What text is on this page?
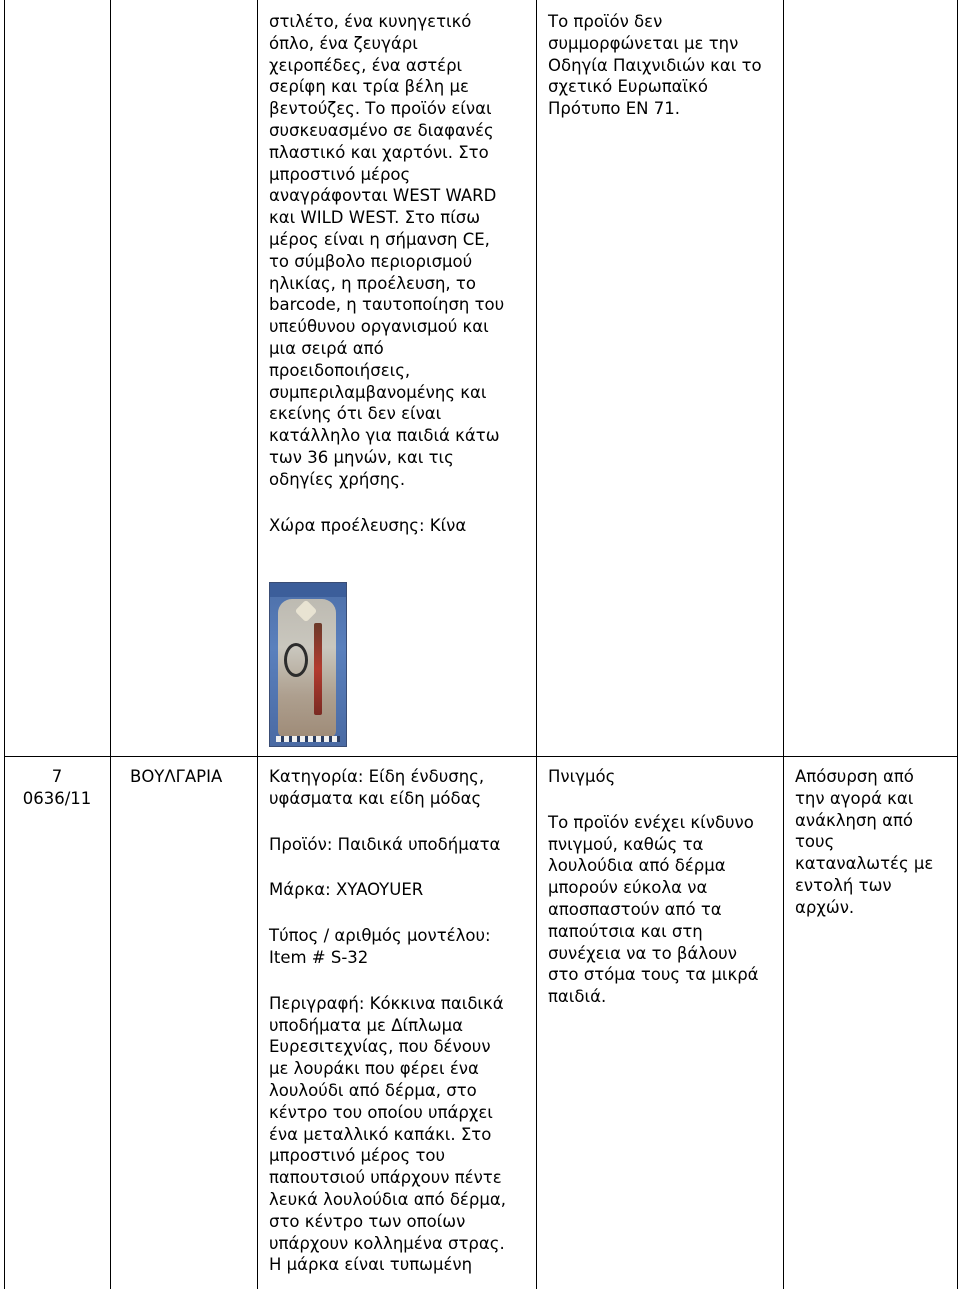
στιλέτο, ένα κυνηγετικό
όπλο, ένα ζευγάρι
χειροπέδες, ένα αστέρι
σερίφη και τρία βέλη με
βεντούζες. Το προϊόν είναι
συσκευασμένο σε διαφανές
πλαστικό και χαρτόνι. Στο
μπροστινό μέρος
αναγράφονται WEST WARD
και WILD WEST. Στο πίσω
μέρος είναι η σήμανση CE,
το σύμβολο περιορισμού
ηλικίας, η προέλευση, το
barcode, η ταυτοποίηση του
υπεύθυνου οργανισμού και
μια σειρά από
προειδοποιήσεις,
συμπεριλαμβανομένης και
εκείνης ότι δεν είναι
κατάλληλο για παιδιά κάτω
των 36 μηνών, και τις
οδηγίες χρήσης.
Χώρα προέλευσης: Κίνα
Το προϊόν δεν
συμμορφώνεται με την
Οδηγία Παιχνιδιών και το
σχετικό Ευρωπαϊκό
Πρότυπο ΕΝ 71.
7
0636/11
ΒΟΥΛΓΑΡΙΑ	Κατηγορία: Είδη ένδυσης,
υφάσματα και είδη μόδας
Προϊόν: Παιδικά υποδήματα
Μάρκα: XYAOYUER
Τύπος / αριθμός μοντέλου:
Item # S-32
Περιγραφή: Κόκκινα παιδικά
υποδήματα με Δίπλωμα
Ευρεσιτεχνίας, που δένουν
με λουράκι που φέρει ένα
λουλούδι από δέρμα, στο
κέντρο του οποίου υπάρχει
ένα μεταλλικό καπάκι. Στο
μπροστινό μέρος του
παπουτσιού υπάρχουν πέντε
λευκά λουλούδια από δέρμα,
στο κέντρο των οποίων
υπάρχουν κολλημένα στρας.
Η μάρκα είναι τυπωμένη
Πνιγμός
Το προϊόν ενέχει κίνδυνο
πνιγμού, καθώς τα
λουλούδια από δέρμα
μπορούν εύκολα να
αποσπαστούν από τα
παπούτσια και στη
συνέχεια να το βάλουν
στο στόμα τους τα μικρά
παιδιά.
Απόσυρση από
την αγορά και
ανάκληση από
τους
καταναλωτές με
εντολή των
αρχών.
